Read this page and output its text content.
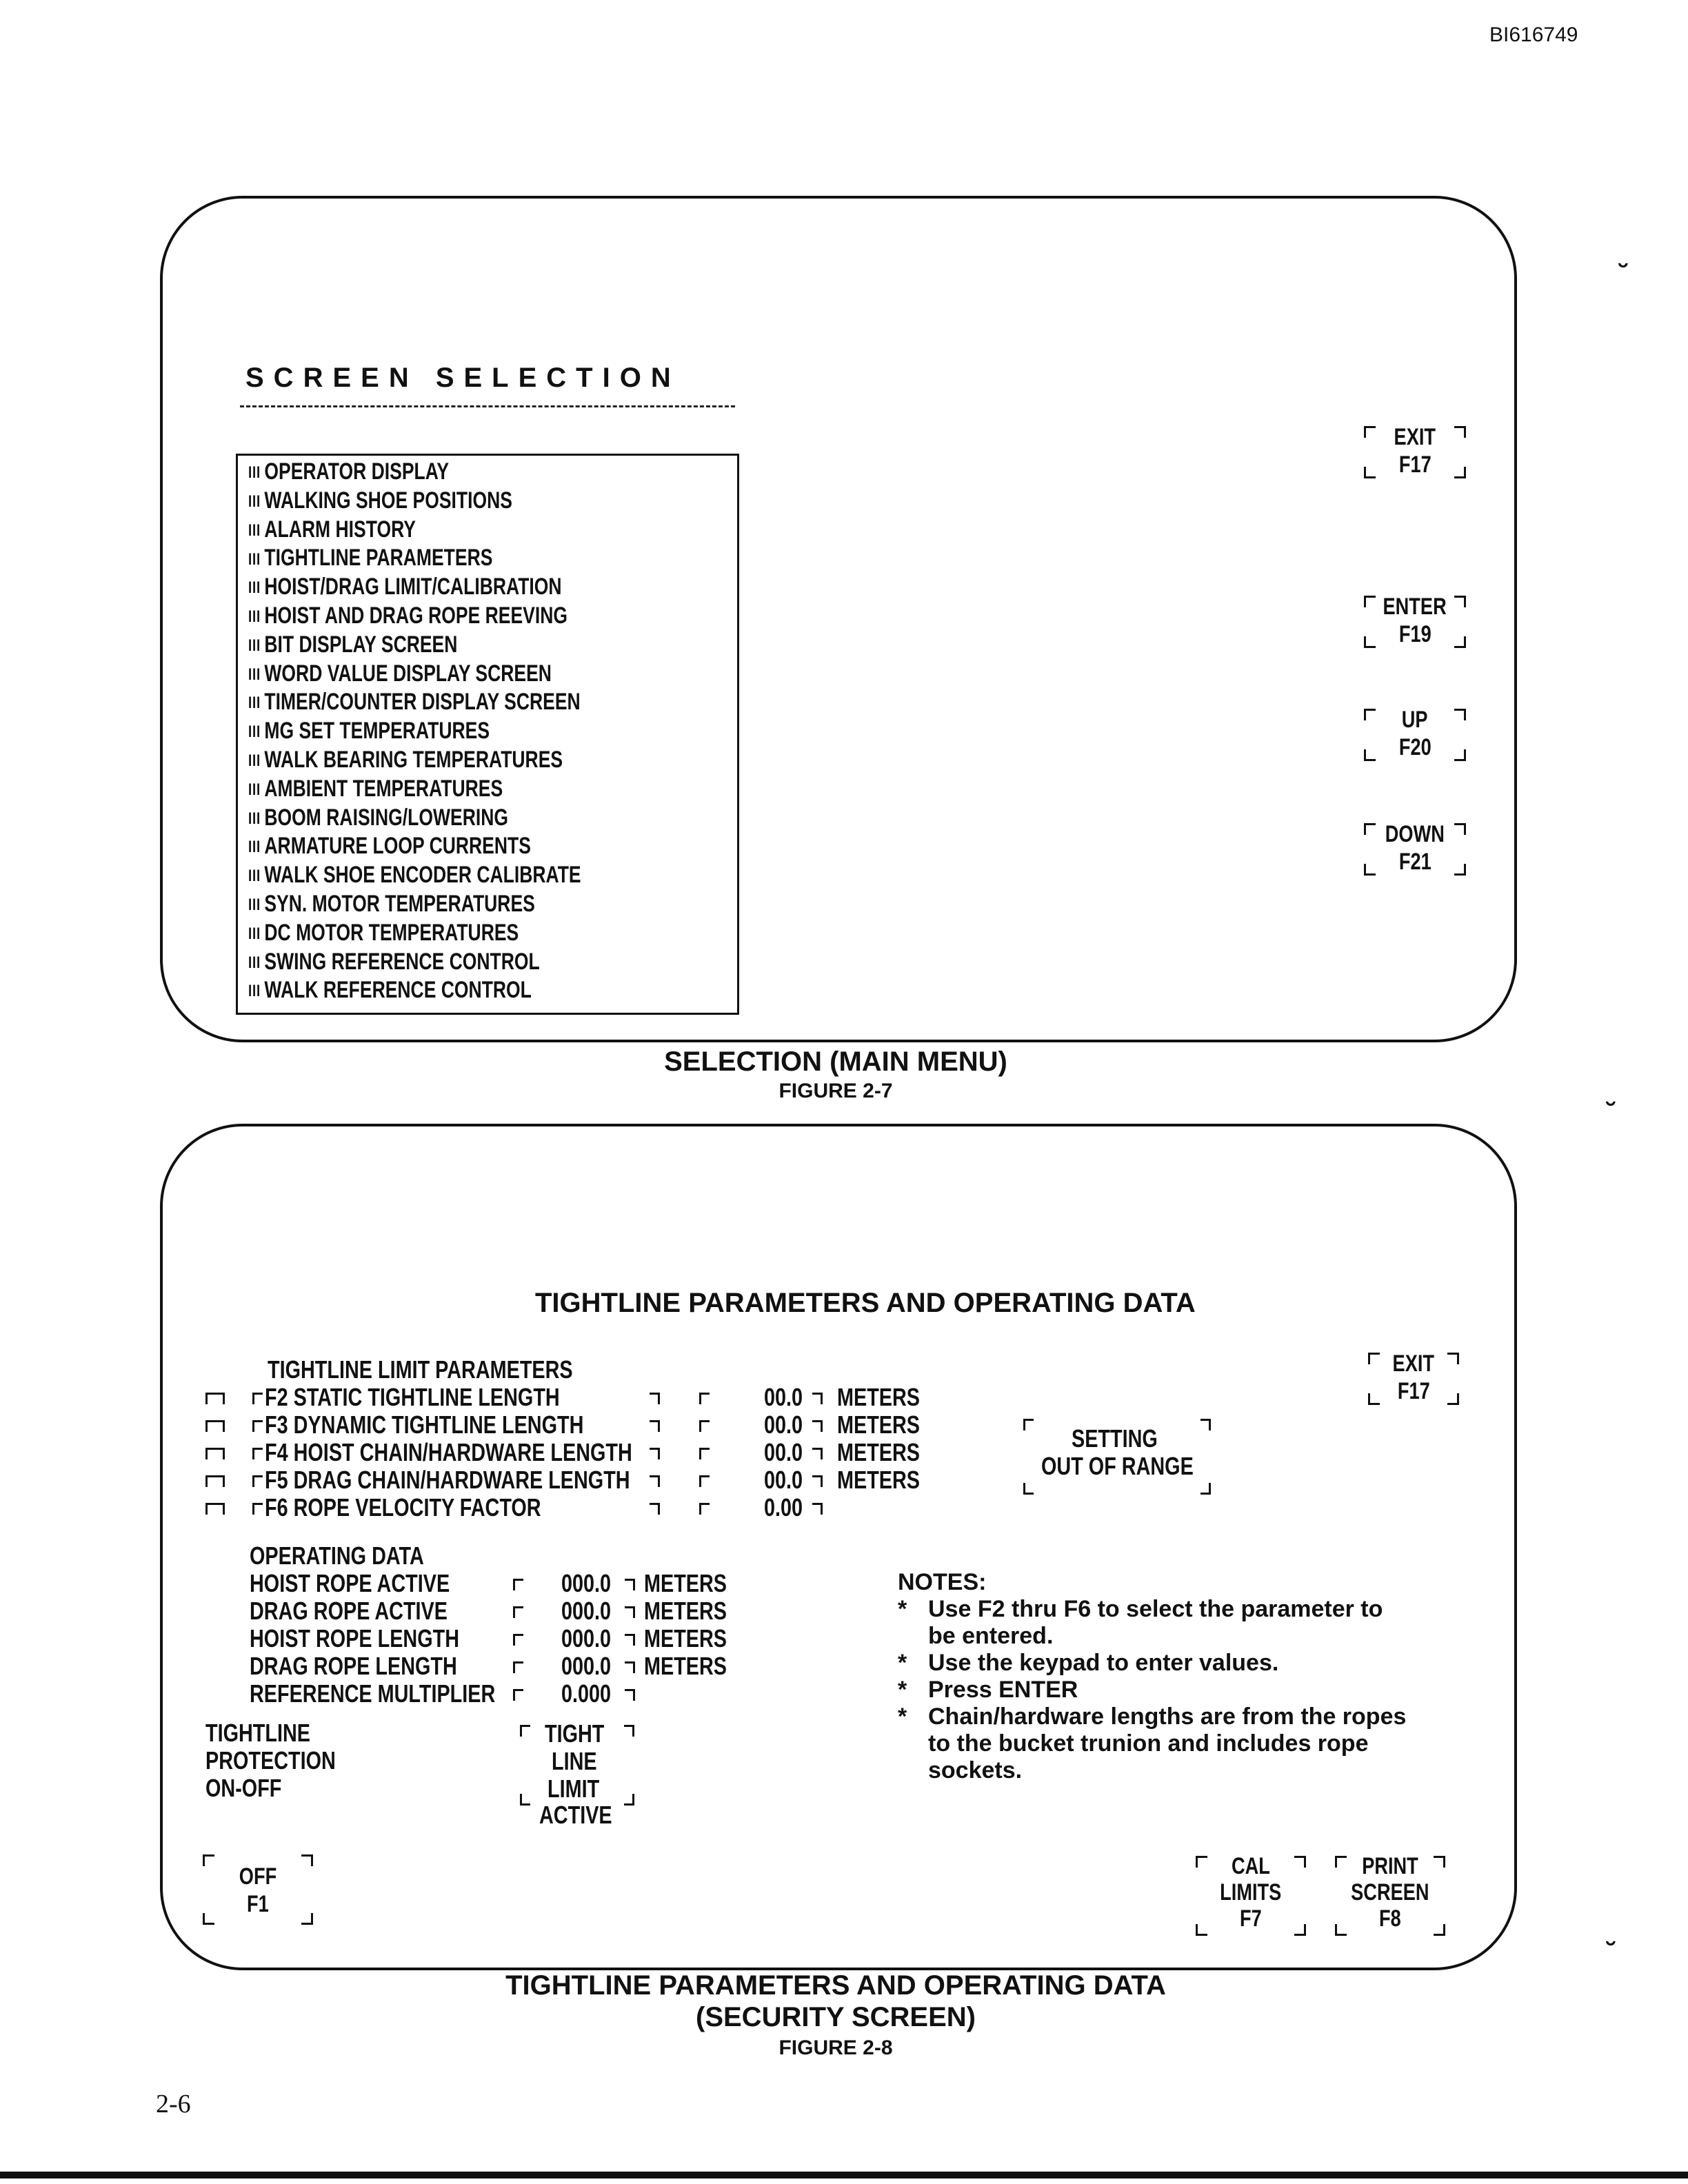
BI616749
SCREEN SELECTION
III OPERATOR DISPLAY
III WALKING SHOE POSITIONS
III ALARM HISTORY
III TIGHTLINE PARAMETERS
III HOIST/DRAG LIMIT/CALIBRATION
III HOIST AND DRAG ROPE REEVING
III BIT DISPLAY SCREEN
III WORD VALUE DISPLAY SCREEN
III TIMER/COUNTER DISPLAY SCREEN
III MG SET TEMPERATURES
III WALK BEARING TEMPERATURES
III AMBIENT TEMPERATURES
III BOOM RAISING/LOWERING
III ARMATURE LOOP CURRENTS
III WALK SHOE ENCODER CALIBRATE
III SYN. MOTOR TEMPERATURES
III DC MOTOR TEMPERATURES
III SWING REFERENCE CONTROL
III WALK REFERENCE CONTROL
EXIT
F17
ENTER
F19
UP
F20
DOWN
F21
SELECTION (MAIN MENU)
FIGURE 2-7
˘
TIGHTLINE PARAMETERS AND OPERATING DATA
TIGHTLINE LIMIT PARAMETERS
F2 STATIC TIGHTLINE LENGTH	00.0 METERS
F3 DYNAMIC TIGHTLINE LENGTH	00.0 METERS
F4 HOIST CHAIN/HARDWARE LENGTH	00.0 METERS
F5 DRAG CHAIN/HARDWARE LENGTH	00.0 METERS
F6 ROPE VELOCITY FACTOR	0.00
SETTING
OUT OF RANGE
EXIT
F17
OPERATING DATA
HOIST ROPE ACTIVE	000.0 METERS
DRAG ROPE ACTIVE	000.0 METERS
HOIST ROPE LENGTH	000.0 METERS
DRAG ROPE LENGTH	000.0 METERS
REFERENCE MULTIPLIER	0.000
TIGHTLINE
PROTECTION
ON-OFF
TIGHT
LINE
LIMIT
ACTIVE
NOTES:
* Use F2 thru F6 to select the parameter to be entered.
* Use the keypad to enter values.
* Press ENTER
* Chain/hardware lengths are from the ropes to the bucket trunion and includes rope sockets.
OFF
F1
CAL
LIMITS
F7
PRINT
SCREEN
F8
TIGHTLINE PARAMETERS AND OPERATING DATA
(SECURITY SCREEN)
FIGURE 2-8
˘
˘
2-6
